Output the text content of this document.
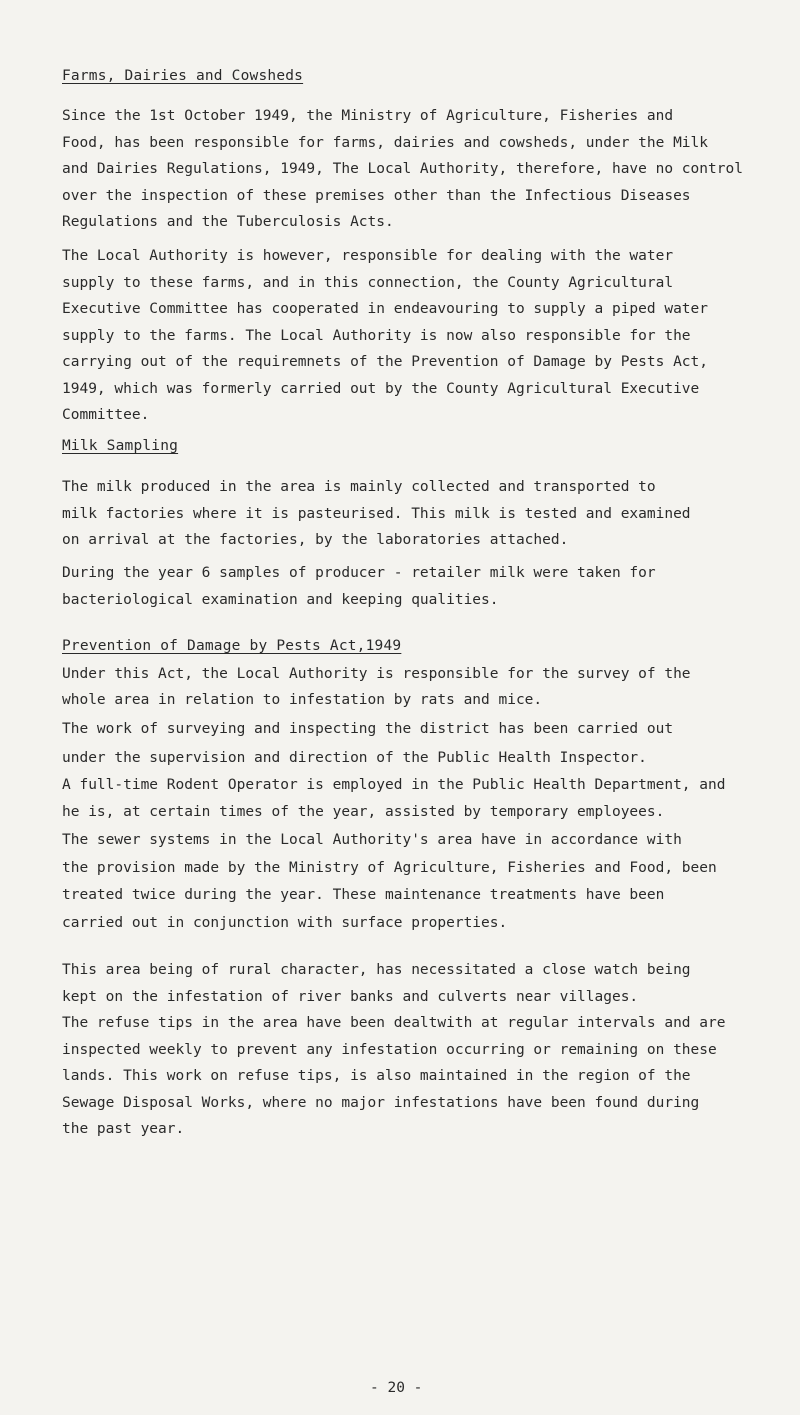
Farms, Dairies and Cowsheds
Since the 1st October 1949, the Ministry of Agriculture, Fisheries and
Food, has been responsible for farms, dairies and cowsheds, under the Milk
and Dairies Regulations, 1949, The Local Authority, therefore, have no control
over the inspection of these premises other than the Infectious Diseases
Regulations and the Tuberculosis Acts.
The Local Authority is however, responsible for dealing with the water
supply to these farms, and in this connection, the County Agricultural
Executive Committee has cooperated in endeavouring to supply a piped water
supply to the farms. The Local Authority is now also responsible for the
carrying out of the requiremnets of the Prevention of Damage by Pests Act,
1949, which was formerly carried out by the County Agricultural Executive
Committee.
Milk Sampling
The milk produced in the area is mainly collected and transported to
milk factories where it is pasteurised. This milk is tested and examined
on arrival at the factories, by the laboratories attached.
During the year 6 samples of producer - retailer milk were taken for
bacteriological examination and keeping qualities.
Prevention of Damage by Pests Act,1949
Under this Act, the Local Authority is responsible for the survey of the
whole area in relation to infestation by rats and mice.
The work of surveying and inspecting the district has been carried out
under the supervision and direction of the Public Health Inspector.
A full-time Rodent Operator is employed in the Public Health Department, and
he is, at certain times of the year, assisted by temporary employees.
The sewer systems in the Local Authority's area have in accordance with
the provision made by the Ministry of Agriculture, Fisheries and Food, been
treated twice during the year. These maintenance treatments have been
carried out in conjunction with surface properties.
This area being of rural character, has necessitated a close watch being
kept on the infestation of river banks and culverts near villages.
The refuse tips in the area have been dealtwith at regular intervals and are
inspected weekly to prevent any infestation occurring or remaining on these
lands. This work on refuse tips, is also maintained in the region of the
Sewage Disposal Works, where no major infestations have been found during
the past year.
- 20 -
